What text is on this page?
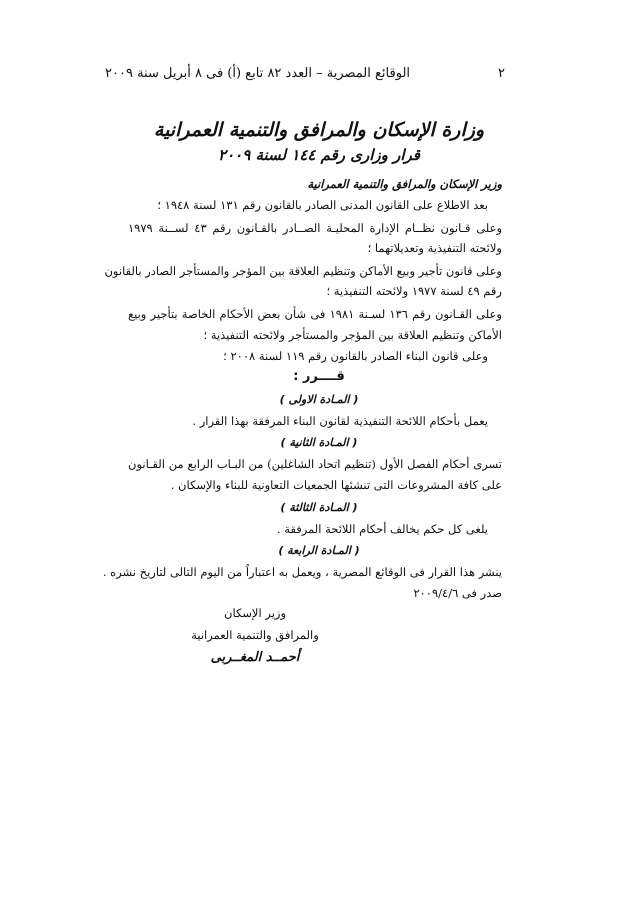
٢
الوقائع المصرية – العدد ٨٢ تابع (أ) فى ٨ أبريل سنة ٢٠٠٩
وزارة الإسكان والمرافق والتنمية العمرانية
قرار وزارى رقم ١٤٤ لسنة ٢٠٠٩
وزير الإسكان والمرافق والتنمية العمرانية
بعد الاطلاع على القانون المدنى الصادر بالقانون رقم ١٣١ لسنة ١٩٤٨ ؛
وعلى قـانون نظــام الإدارة المحليـة الصــادر بالقـانون رقم ٤٣ لســنة ١٩٧٩
ولائحته التنفيذية وتعديلاتهما ؛
وعلى قانون تأجير وبيع الأماكن وتنظيم العلاقة بين المؤجر والمستأجر الصادر بالقانون
رقم ٤٩ لسنة ١٩٧٧ ولائحته التنفيذية ؛
وعلى القـانون رقم ١٣٦ لسـنة ١٩٨١ فى شأن بعض الأحكام الخاصة بتأجير وبيع
الأماكن وتنظيم العلاقة بين المؤجر والمستأجر ولائحته التنفيذية ؛
وعلى قانون البناء الصادر بالقانون رقم ١١٩ لسنة ٢٠٠٨ ؛
قــــرر :
( المـادة الاولى )
يعمل بأحكام اللائحة التنفيذية لقانون البناء المرفقة بهذا القرار .
( المـادة الثانية )
تسرى أحكام الفصل الأول (تنظيم اتحاد الشاغلين) من البـاب الرابع من القـانون
على كافة المشروعات التى تنشئها الجمعيات التعاونية للبناء والإسكان .
( المـادة الثالثة )
يلغى كل حكم يخالف أحكام اللائحة المرفقة .
( المـادة الرابعة )
ينشر هذا القرار فى الوقائع المصرية ، ويعمل به اعتباراً من اليوم التالى لتاريخ نشره .
صدر فى ٢٠٠٩/٤/٦
وزير الإسكان
والمرافق والتنمية العمرانية
أحمــد المغــربى
